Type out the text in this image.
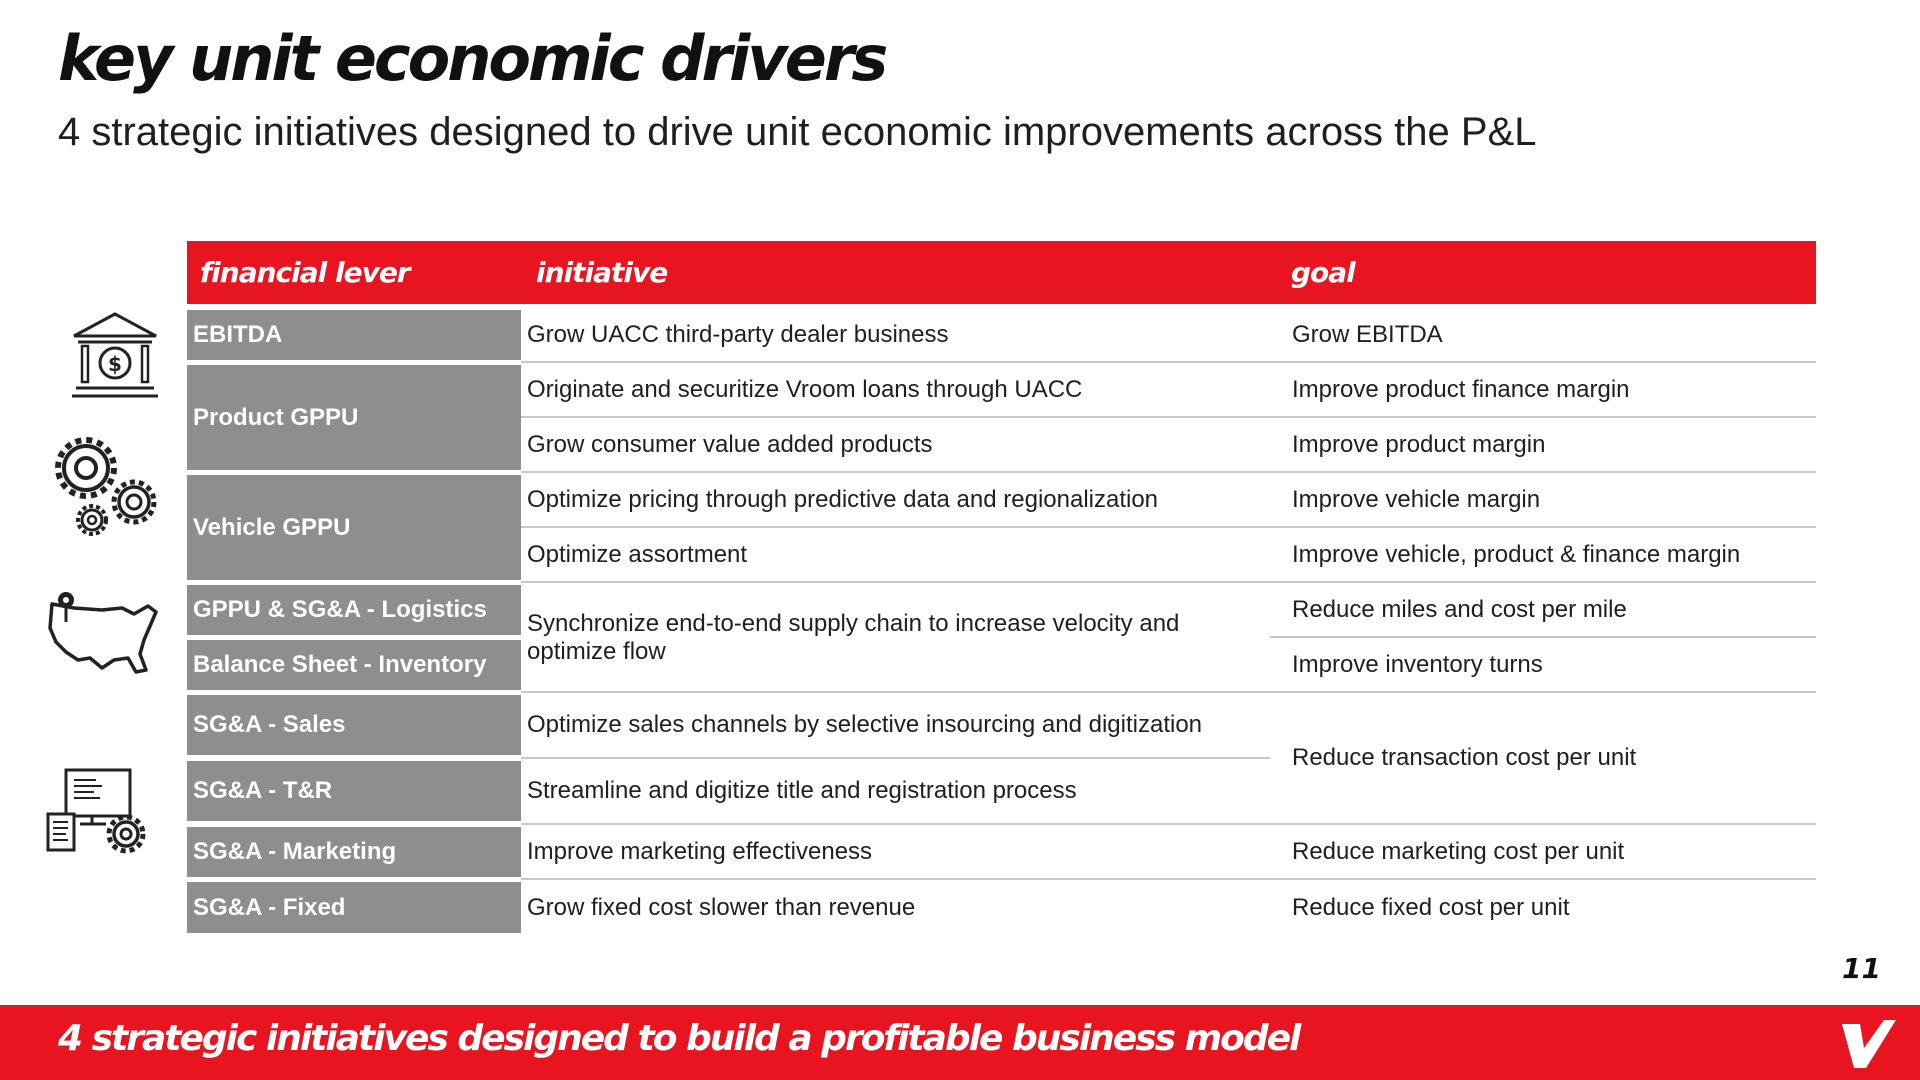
key unit economic drivers
4 strategic initiatives designed to drive unit economic improvements across the P&L
financial lever	initiative	goal
EBITDA
Product GPPU
Vehicle GPPU
GPPU & SG&A - Logistics
Balance Sheet - Inventory
SG&A - Sales
SG&A - T&R
SG&A - Marketing
SG&A - Fixed
Grow UACC third-party dealer business
Originate and securitize Vroom loans through UACC
Grow consumer value added products
Optimize pricing through predictive data and regionalization
Optimize assortment
Synchronize end-to-end supply chain to increase velocity and optimize flow
Optimize sales channels by selective insourcing and digitization
Streamline and digitize title and registration process
Improve marketing effectiveness
Grow fixed cost slower than revenue
Grow EBITDA
Improve product finance margin
Improve product margin
Improve vehicle margin
Improve vehicle, product & finance margin
Reduce miles and cost per mile
Improve inventory turns
Reduce transaction cost per unit
Reduce marketing cost per unit
Reduce fixed cost per unit
$
11
4 strategic initiatives designed to build a profitable business model
